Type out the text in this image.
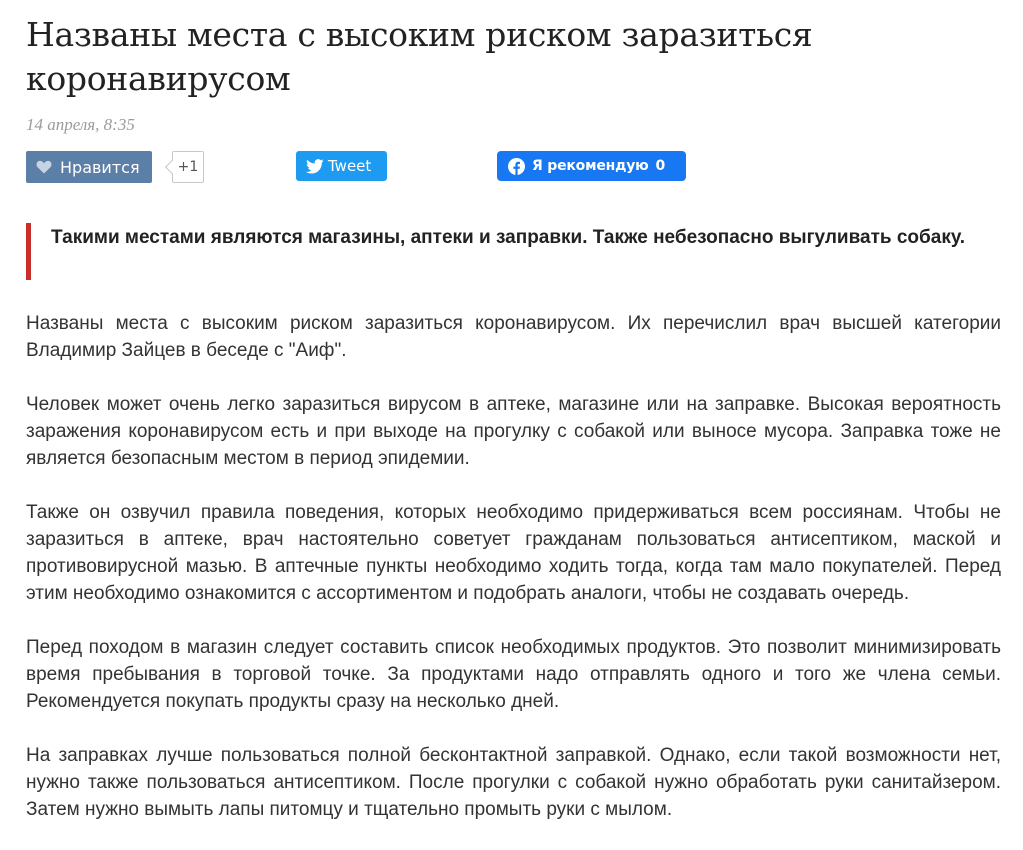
Названы места с высоким риском заразиться коронавирусом
14 апреля, 8:35
Нравится	+1	Tweet	Я рекомендую 0

Такими местами являются магазины, аптеки и заправки. Также небезопасно выгуливать собаку.

Названы места с высоким риском заразиться коронавирусом. Их перечислил врач высшей категории Владимир Зайцев в беседе с "Аиф".

Человек может очень легко заразиться вирусом в аптеке, магазине или на заправке. Высокая вероятность заражения коронавирусом есть и при выходе на прогулку с собакой или выносе мусора. Заправка тоже не является безопасным местом в период эпидемии.

Также он озвучил правила поведения, которых необходимо придерживаться всем россиянам. Чтобы не заразиться в аптеке, врач настоятельно советует гражданам пользоваться антисептиком, маской и противовирусной мазью. В аптечные пункты необходимо ходить тогда, когда там мало покупателей. Перед этим необходимо ознакомится с ассортиментом и подобрать аналоги, чтобы не создавать очередь.

Перед походом в магазин следует составить список необходимых продуктов. Это позволит минимизировать время пребывания в торговой точке. За продуктами надо отправлять одного и того же члена семьи. Рекомендуется покупать продукты сразу на несколько дней.

На заправках лучше пользоваться полной бесконтактной заправкой. Однако, если такой возможности нет, нужно также пользоваться антисептиком. После прогулки с собакой нужно обработать руки санитайзером. Затем нужно вымыть лапы питомцу и тщательно промыть руки с мылом.
